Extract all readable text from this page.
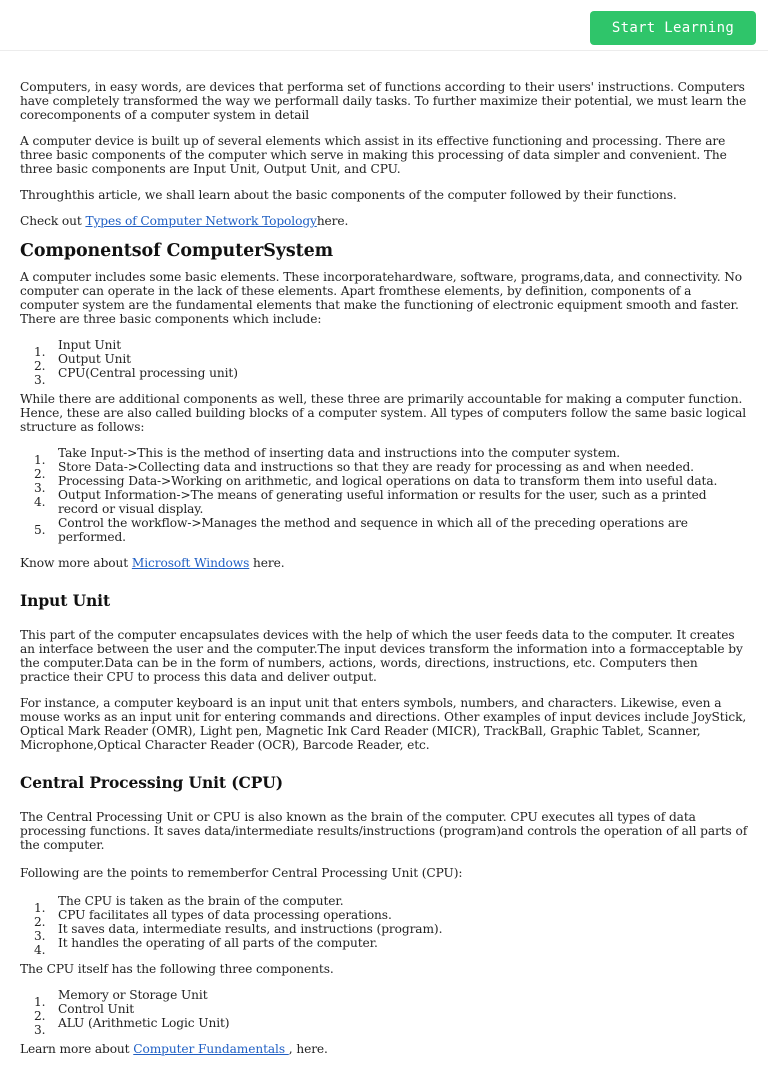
Start Learning

Computers, in easy words, are devices that performa set of functions according to their users' instructions. Computers have completely transformed the way we performall daily tasks. To further maximize their potential, we must learn the corecomponents of a computer system in detail

A computer device is built up of several elements which assist in its effective functioning and processing. There are three basic components of the computer which serve in making this processing of data simpler and convenient. The three basic components are Input Unit, Output Unit, and CPU.

Throughthis article, we shall learn about the basic components of the computer followed by their functions.

Check out Types of Computer Network Topologyhere.

Componentsof ComputerSystem

A computer includes some basic elements. These incorporatehardware, software, programs,data, and connectivity. No computer can operate in the lack of these elements. Apart fromthese elements, by definition, components of a computer system are the fundamental elements that make the functioning of electronic equipment smooth and faster. There are three basic components which include:

1. Input Unit
2. Output Unit
3. CPU(Central processing unit)

While there are additional components as well, these three are primarily accountable for making a computer function. Hence, these are also called building blocks of a computer system. All types of computers follow the same basic logical structure as follows:

1. Take Input->This is the method of inserting data and instructions into the computer system.
2. Store Data->Collecting data and instructions so that they are ready for processing as and when needed.
3. Processing Data->Working on arithmetic, and logical operations on data to transform them into useful data.
4. Output Information->The means of generating useful information or results for the user, such as a printed record or visual display.
5. Control the workflow->Manages the method and sequence in which all of the preceding operations are performed.

Know more about Microsoft Windows here.

Input Unit

This part of the computer encapsulates devices with the help of which the user feeds data to the computer. It creates an interface between the user and the computer.The input devices transform the information into a formacceptable by the computer.Data can be in the form of numbers, actions, words, directions, instructions, etc. Computers then practice their CPU to process this data and deliver output.

For instance, a computer keyboard is an input unit that enters symbols, numbers, and characters. Likewise, even a mouse works as an input unit for entering commands and directions. Other examples of input devices include JoyStick, Optical Mark Reader (OMR), Light pen, Magnetic Ink Card Reader (MICR), TrackBall, Graphic Tablet, Scanner, Microphone,Optical Character Reader (OCR), Barcode Reader, etc.

Central Processing Unit (CPU)

The Central Processing Unit or CPU is also known as the brain of the computer. CPU executes all types of data processing functions. It saves data/intermediate results/instructions (program)and controls the operation of all parts of the computer.

Following are the points to rememberfor Central Processing Unit (CPU):

1. The CPU is taken as the brain of the computer.
2. CPU facilitates all types of data processing operations.
3. It saves data, intermediate results, and instructions (program).
4. It handles the operating of all parts of the computer.

The CPU itself has the following three components.

1. Memory or Storage Unit
2. Control Unit
3. ALU (Arithmetic Logic Unit)

Learn more about Computer Fundamentals , here.
